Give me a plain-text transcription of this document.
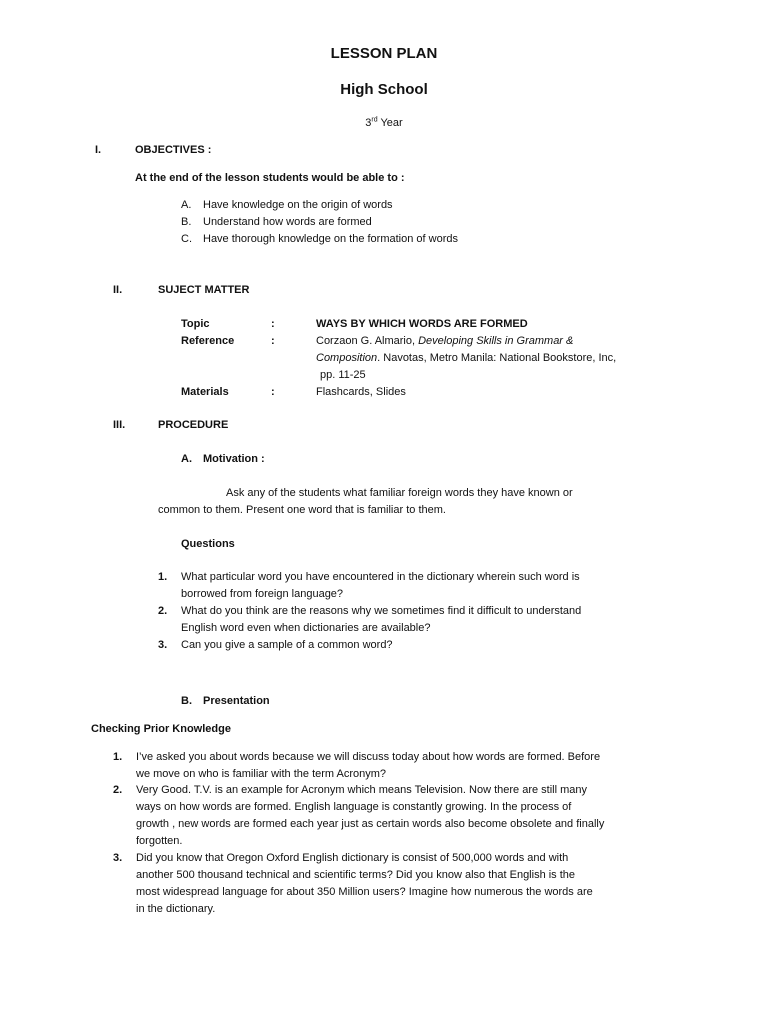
LESSON PLAN
High School
3rd Year
I.	OBJECTIVES :
At the end of the lesson students would be able to :
A. Have knowledge on the origin of words
B. Understand how words are formed
C. Have thorough knowledge on the formation of words
II.	SUJECT MATTER
Topic	:	WAYS BY WHICH WORDS ARE FORMED
Reference	:	Corzaon G. Almario, Developing Skills in Grammar &
Composition. Navotas, Metro Manila: National Bookstore, Inc,
pp. 11-25
Materials	:	Flashcards, Slides
III.	PROCEDURE
A. Motivation :
Ask any of the students what familiar foreign words they have known or
common to them. Present one word that is familiar to them.
Questions
1. What particular word you have encountered in the dictionary wherein such word is
borrowed from foreign language?
2. What do you think are the reasons why we sometimes find it difficult to understand
English word even when dictionaries are available?
3. Can you give a sample of a common word?
B. Presentation
Checking Prior Knowledge
1. I’ve asked you about words because we will discuss today about how words are formed. Before
we move on who is familiar with the term Acronym?
2. Very Good. T.V. is an example for Acronym which means Television. Now there are still many
ways on how words are formed. English language is constantly growing. In the process of
growth , new words are formed each year just as certain words also become obsolete and finally
forgotten.
3. Did you know that Oregon Oxford English dictionary is consist of 500,000 words and with
another 500 thousand technical and scientific terms? Did you know also that English is the
most widespread language for about 350 Million users? Imagine how numerous the words are
in the dictionary.
